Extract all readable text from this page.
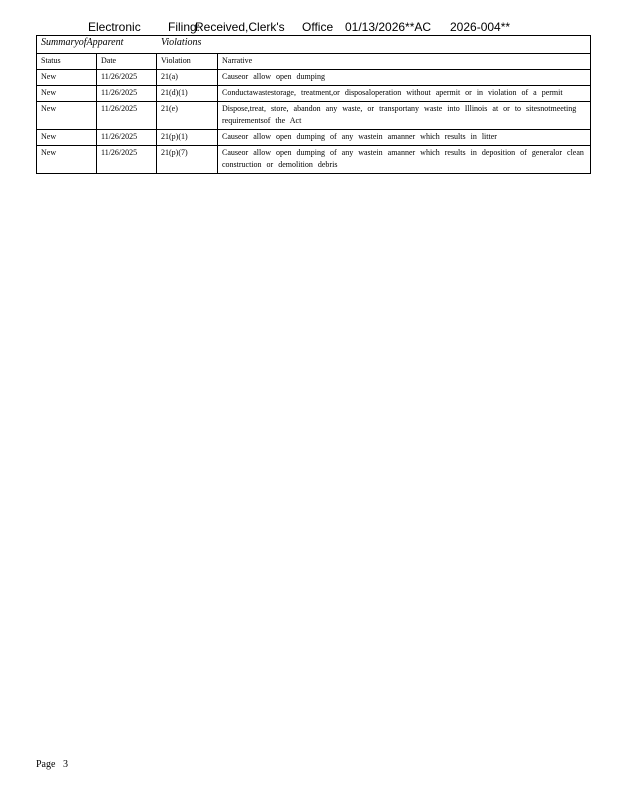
Electronic

Filing:

Received,Clerk's

Office

01/13/2026**AC

2026-004**

SummaryofApparent Violations			
Status	Date	Violation	Narrative
New	11/26/2025	21(a)	Causeor allow open dumping
New	11/26/2025	21(d)(1)	Conductawastestorage, treatment,or disposaloperation without apermit or in violation of a permit
New	11/26/2025	21(e)	Dispose,treat, store, abandon any waste, or transportany waste into Illinois at or to sitesnotmeeting requirementsof the Act
New	11/26/2025	21(p)(1)	Causeor allow open dumping of any wastein amanner which results in litter
New	11/26/2025	21(p)(7)	Causeor allow open dumping of any wastein amanner which results in deposition of generalor clean construction or demolition debris
Page 3
